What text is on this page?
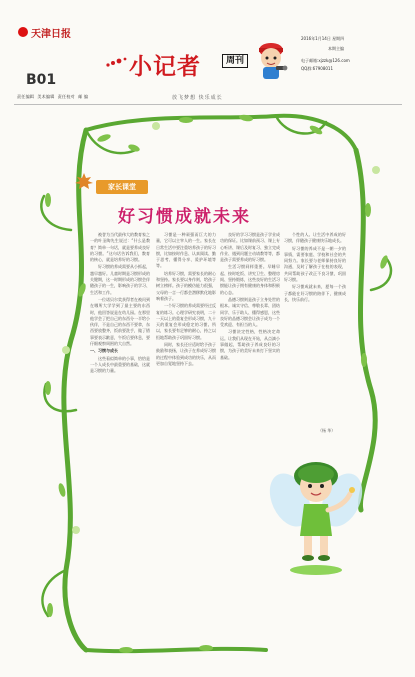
天津日报
B01
责任编辑 美术编辑 责任校对 邮 编
小记者	周刊
放飞梦想 快乐成长
2016年1月14日 星期四
本期主编
电子邮箱:xjzzk@126.com
QQ群:67908011
家长课堂
好习惯成就未来

被誉为当代最伟大的教育家之一的叶圣陶先生说过：“什么是教育？简单一句话，就是要养成良好的习惯。”这句话告诉我们，教育的核心，就是培养好的习惯。

好习惯的养成需要从小抓起，越早越好。儿童时期是习惯形成的关键期，这一时期形成的习惯会伴随孩子的一生，影响孩子的学习、生活和工作。

一位诺贝尔奖获得者在被问到在哪所大学学到了最主要的东西时，他回答说是在幼儿园。在那里他学会了把自己的东西分一半给小伙伴，不是自己的东西不要拿，东西要放整齐，饭前要洗手，做了错事要表示歉意，午饭后要休息，要仔细观察周围的大自然。

一、习惯与成长

这些看似简单的小事，恰恰是一个人成长中最重要的基础，这就是习惯的力量。

习惯是一种顽强而巨大的力量，它可以主宰人的一生。家长在日常生活中要注重培养孩子的好习惯，比如按时作息、认真阅读、勤于思考、懂得分享、爱护环境等等。

培养好习惯，需要家长的耐心和坚持。家长要以身作则，给孩子树立榜样。孩子的模仿能力很强，父母的一言一行都会潜移默化地影响着孩子。

一个好习惯的养成需要经过反复的练习。心理学研究表明，二十一天以上的重复会形成习惯，九十天的重复会形成稳定的习惯。所以，家长要有足够的耐心，持之以恒地帮助孩子巩固好习惯。

同时，家长还应适时给予孩子鼓励和表扬，让孩子在养成好习惯的过程中体验到成功的快乐，从而更加自觉地坚持下去。

良好的学习习惯是孩子学业成功的保证。比如课前预习、课上专心听讲、课后及时复习、独立完成作业、遇到问题主动请教等等，都是孩子需要养成的好习惯。

生活习惯同样重要。早睡早起、按时吃饭、讲究卫生、整理房间、坚持锻炼，这些良好的生活习惯能让孩子拥有健康的身体和积极的心态。

品德习惯则是孩子立身处世的根本。诚实守信、尊敬长辈、团结同学、乐于助人、懂得感恩，这些良好的品德习惯会让孩子成为一个受欢迎、有担当的人。

习惯决定性格，性格决定命运。让我们从现在开始，从点滴小事做起，帮助孩子养成良好的习惯，为孩子的美好未来打下坚实的基础。

个性的人。让生活中养成的好习惯，伴随孩子健康快乐地成长。

好习惯的养成不是一朝一夕的事情，需要家庭、学校和社会的共同努力。家长要与老师保持良好的沟通，及时了解孩子在校的表现，共同帮助孩子改正不良习惯，巩固好习惯。

好习惯成就未来，愿每一个孩子都能在好习惯的陪伴下，健康成长，快乐前行。

（杨 华）
